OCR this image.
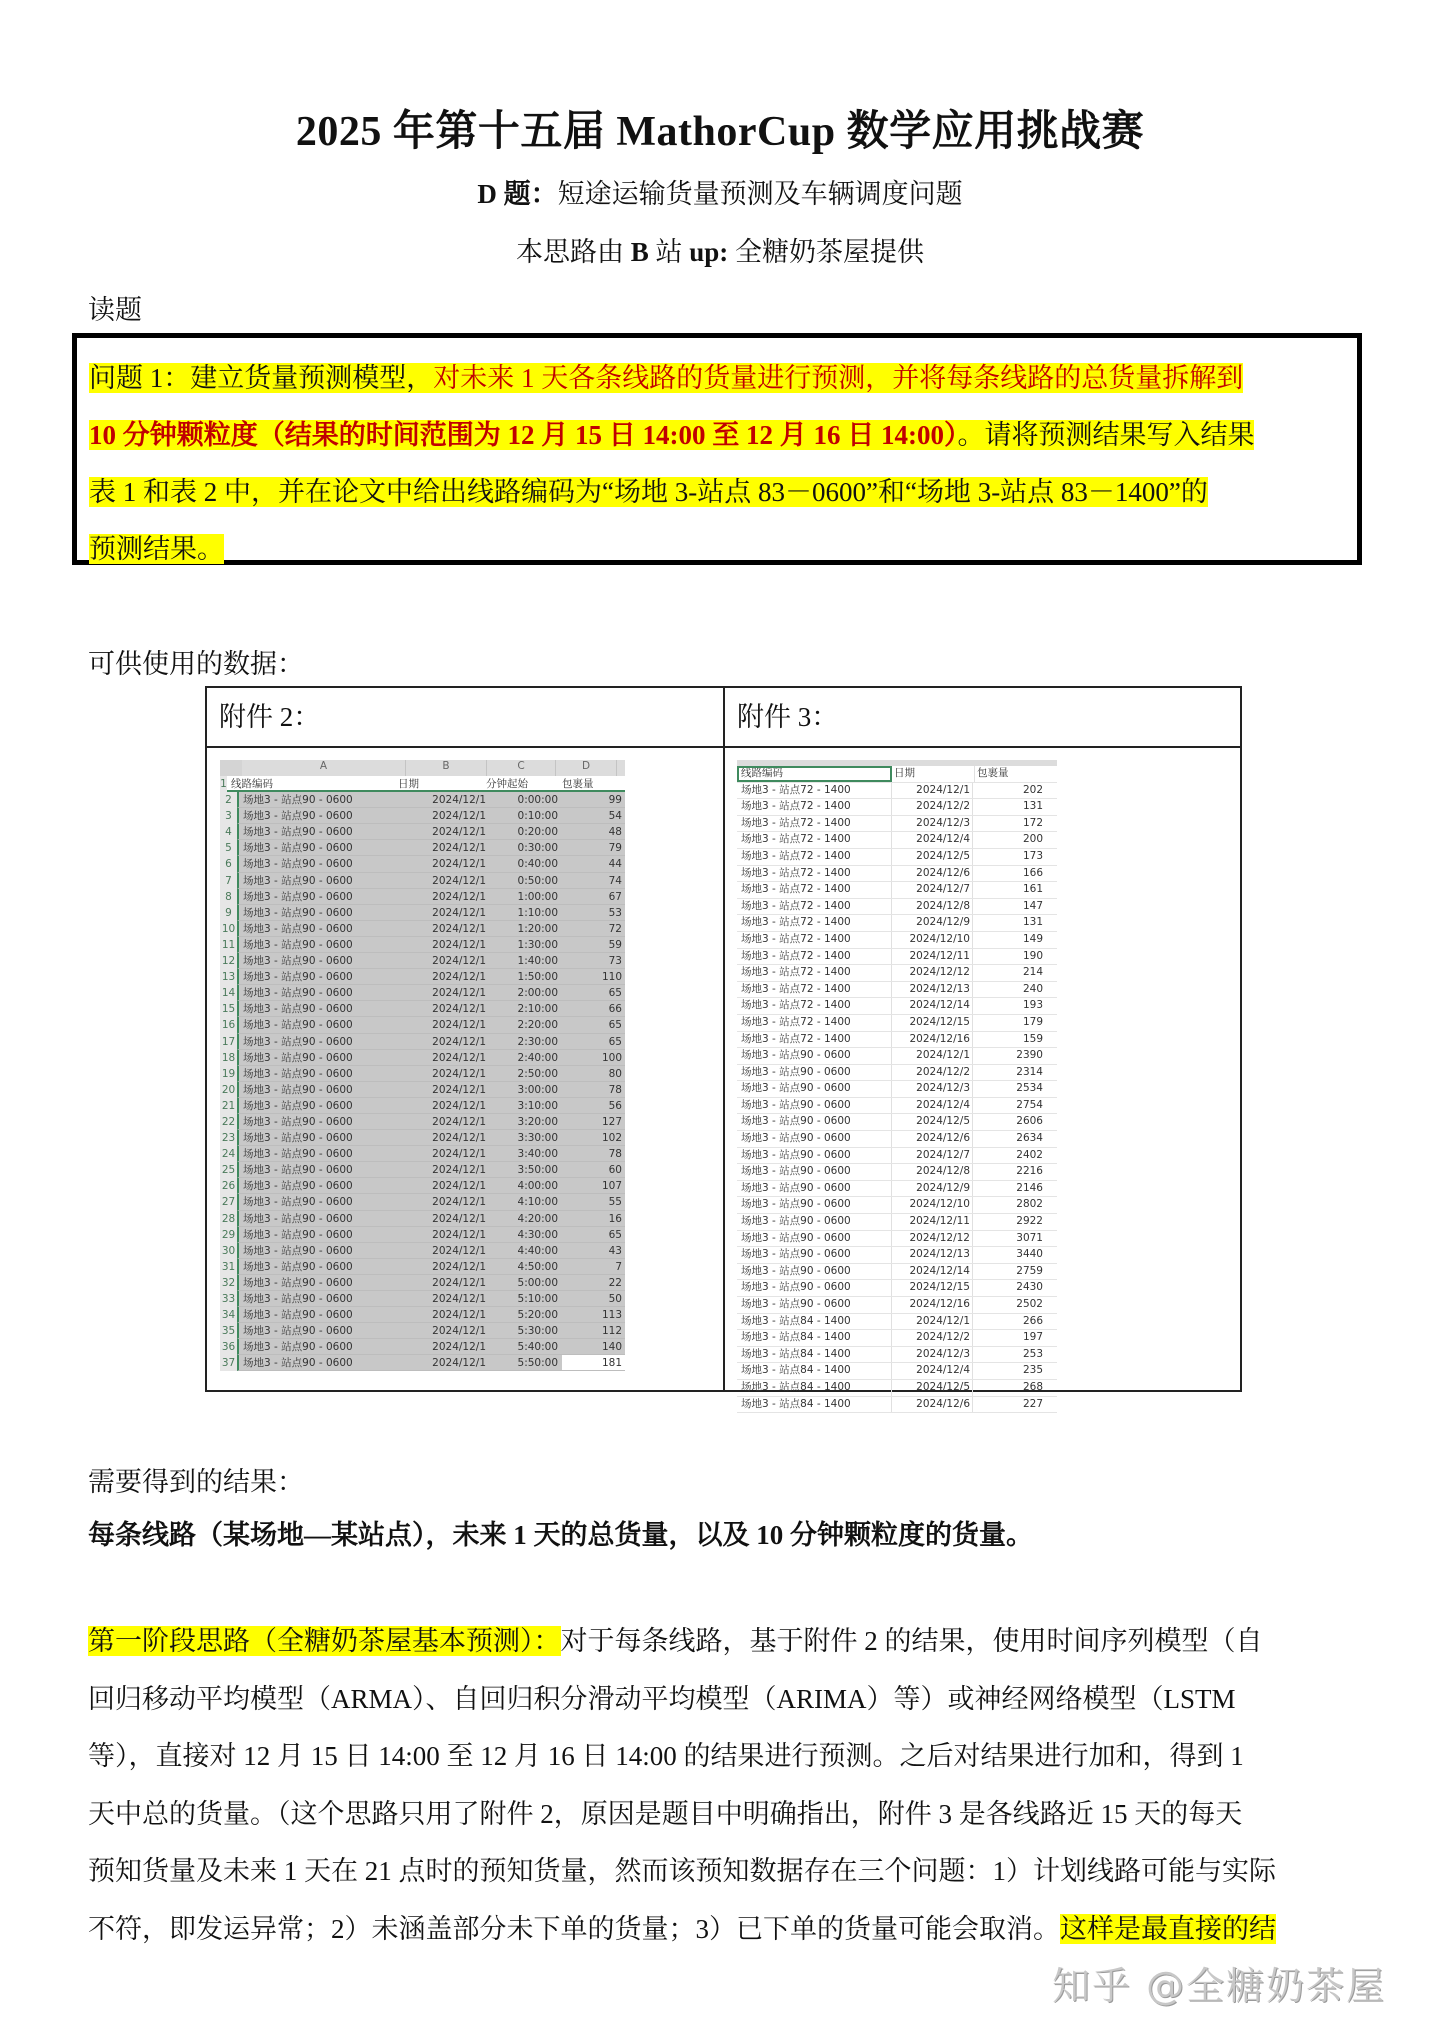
2025 年第十五届 MathorCup 数学应用挑战赛
D 题：短途运输货量预测及车辆调度问题
本思路由 B 站 up: 全糖奶茶屋提供
读题
问题 1：建立货量预测模型，对未来 1 天各条线路的货量进行预测，并将每条线路的总货量拆解到
10 分钟颗粒度（结果的时间范围为 12 月 15 日 14:00 至 12 月 16 日 14:00）。请将预测结果写入结果
表 1 和表 2 中，并在论文中给出线路编码为“场地 3-站点 83－0600”和“场地 3-站点 83－1400”的
预测结果。
可供使用的数据：
附件 2：
A	B	C	D
1 线路编码	日期	分钟起始	包裹量
2	场地3 - 站点90 - 0600	2024/12/1	0:00:00	99
3	场地3 - 站点90 - 0600	2024/12/1	0:10:00	54
4	场地3 - 站点90 - 0600	2024/12/1	0:20:00	48
5	场地3 - 站点90 - 0600	2024/12/1	0:30:00	79
6	场地3 - 站点90 - 0600	2024/12/1	0:40:00	44
7	场地3 - 站点90 - 0600	2024/12/1	0:50:00	74
8	场地3 - 站点90 - 0600	2024/12/1	1:00:00	67
9	场地3 - 站点90 - 0600	2024/12/1	1:10:00	53
10 场地3 - 站点90 - 0600	2024/12/1	1:20:00	72
11 场地3 - 站点90 - 0600	2024/12/1	1:30:00	59
12 场地3 - 站点90 - 0600	2024/12/1	1:40:00	73
13 场地3 - 站点90 - 0600	2024/12/1	1:50:00	110
14 场地3 - 站点90 - 0600	2024/12/1	2:00:00	65
15 场地3 - 站点90 - 0600	2024/12/1	2:10:00	66
16 场地3 - 站点90 - 0600	2024/12/1	2:20:00	65
17 场地3 - 站点90 - 0600	2024/12/1	2:30:00	65
18 场地3 - 站点90 - 0600	2024/12/1	2:40:00	100
19 场地3 - 站点90 - 0600	2024/12/1	2:50:00	80
20 场地3 - 站点90 - 0600	2024/12/1	3:00:00	78
21 场地3 - 站点90 - 0600	2024/12/1	3:10:00	56
22 场地3 - 站点90 - 0600	2024/12/1	3:20:00	127
23 场地3 - 站点90 - 0600	2024/12/1	3:30:00	102
24 场地3 - 站点90 - 0600	2024/12/1	3:40:00	78
25 场地3 - 站点90 - 0600	2024/12/1	3:50:00	60
26 场地3 - 站点90 - 0600	2024/12/1	4:00:00	107
27 场地3 - 站点90 - 0600	2024/12/1	4:10:00	55
28 场地3 - 站点90 - 0600	2024/12/1	4:20:00	16
29 场地3 - 站点90 - 0600	2024/12/1	4:30:00	65
30 场地3 - 站点90 - 0600	2024/12/1	4:40:00	43
31 场地3 - 站点90 - 0600	2024/12/1	4:50:00	7
32 场地3 - 站点90 - 0600	2024/12/1	5:00:00	22
33 场地3 - 站点90 - 0600	2024/12/1	5:10:00	50
34 场地3 - 站点90 - 0600	2024/12/1	5:20:00	113
35 场地3 - 站点90 - 0600	2024/12/1	5:30:00	112
36 场地3 - 站点90 - 0600	2024/12/1	5:40:00	140
37 场地3 - 站点90 - 0600	2024/12/1	5:50:00	181
附件 3：
线路编码	日期	包裹量
场地3 - 站点72 - 1400	2024/12/1	202
场地3 - 站点72 - 1400	2024/12/2	131
场地3 - 站点72 - 1400	2024/12/3	172
场地3 - 站点72 - 1400	2024/12/4	200
场地3 - 站点72 - 1400	2024/12/5	173
场地3 - 站点72 - 1400	2024/12/6	166
场地3 - 站点72 - 1400	2024/12/7	161
场地3 - 站点72 - 1400	2024/12/8	147
场地3 - 站点72 - 1400	2024/12/9	131
场地3 - 站点72 - 1400	2024/12/10	149
场地3 - 站点72 - 1400	2024/12/11	190
场地3 - 站点72 - 1400	2024/12/12	214
场地3 - 站点72 - 1400	2024/12/13	240
场地3 - 站点72 - 1400	2024/12/14	193
场地3 - 站点72 - 1400	2024/12/15	179
场地3 - 站点72 - 1400	2024/12/16	159
场地3 - 站点90 - 0600	2024/12/1	2390
场地3 - 站点90 - 0600	2024/12/2	2314
场地3 - 站点90 - 0600	2024/12/3	2534
场地3 - 站点90 - 0600	2024/12/4	2754
场地3 - 站点90 - 0600	2024/12/5	2606
场地3 - 站点90 - 0600	2024/12/6	2634
场地3 - 站点90 - 0600	2024/12/7	2402
场地3 - 站点90 - 0600	2024/12/8	2216
场地3 - 站点90 - 0600	2024/12/9	2146
场地3 - 站点90 - 0600	2024/12/10	2802
场地3 - 站点90 - 0600	2024/12/11	2922
场地3 - 站点90 - 0600	2024/12/12	3071
场地3 - 站点90 - 0600	2024/12/13	3440
场地3 - 站点90 - 0600	2024/12/14	2759
场地3 - 站点90 - 0600	2024/12/15	2430
场地3 - 站点90 - 0600	2024/12/16	2502
场地3 - 站点84 - 1400	2024/12/1	266
场地3 - 站点84 - 1400	2024/12/2	197
场地3 - 站点84 - 1400	2024/12/3	253
场地3 - 站点84 - 1400	2024/12/4	235
场地3 - 站点84 - 1400	2024/12/5	268
场地3 - 站点84 - 1400	2024/12/6	227
需要得到的结果：
每条线路（某场地—某站点），未来 1 天的总货量，以及 10 分钟颗粒度的货量。
第一阶段思路（全糖奶茶屋基本预测）：对于每条线路，基于附件 2 的结果，使用时间序列模型（自
回归移动平均模型（ARMA）、自回归积分滑动平均模型（ARIMA）等）或神经网络模型（LSTM
等），直接对 12 月 15 日 14:00 至 12 月 16 日 14:00 的结果进行预测。之后对结果进行加和，得到 1
天中总的货量。（这个思路只用了附件 2，原因是题目中明确指出，附件 3 是各线路近 15 天的每天
预知货量及未来 1 天在 21 点时的预知货量，然而该预知数据存在三个问题：1）计划线路可能与实际
不符，即发运异常；2）未涵盖部分未下单的货量；3）已下单的货量可能会取消。这样是最直接的结
知乎 @全糖奶茶屋
